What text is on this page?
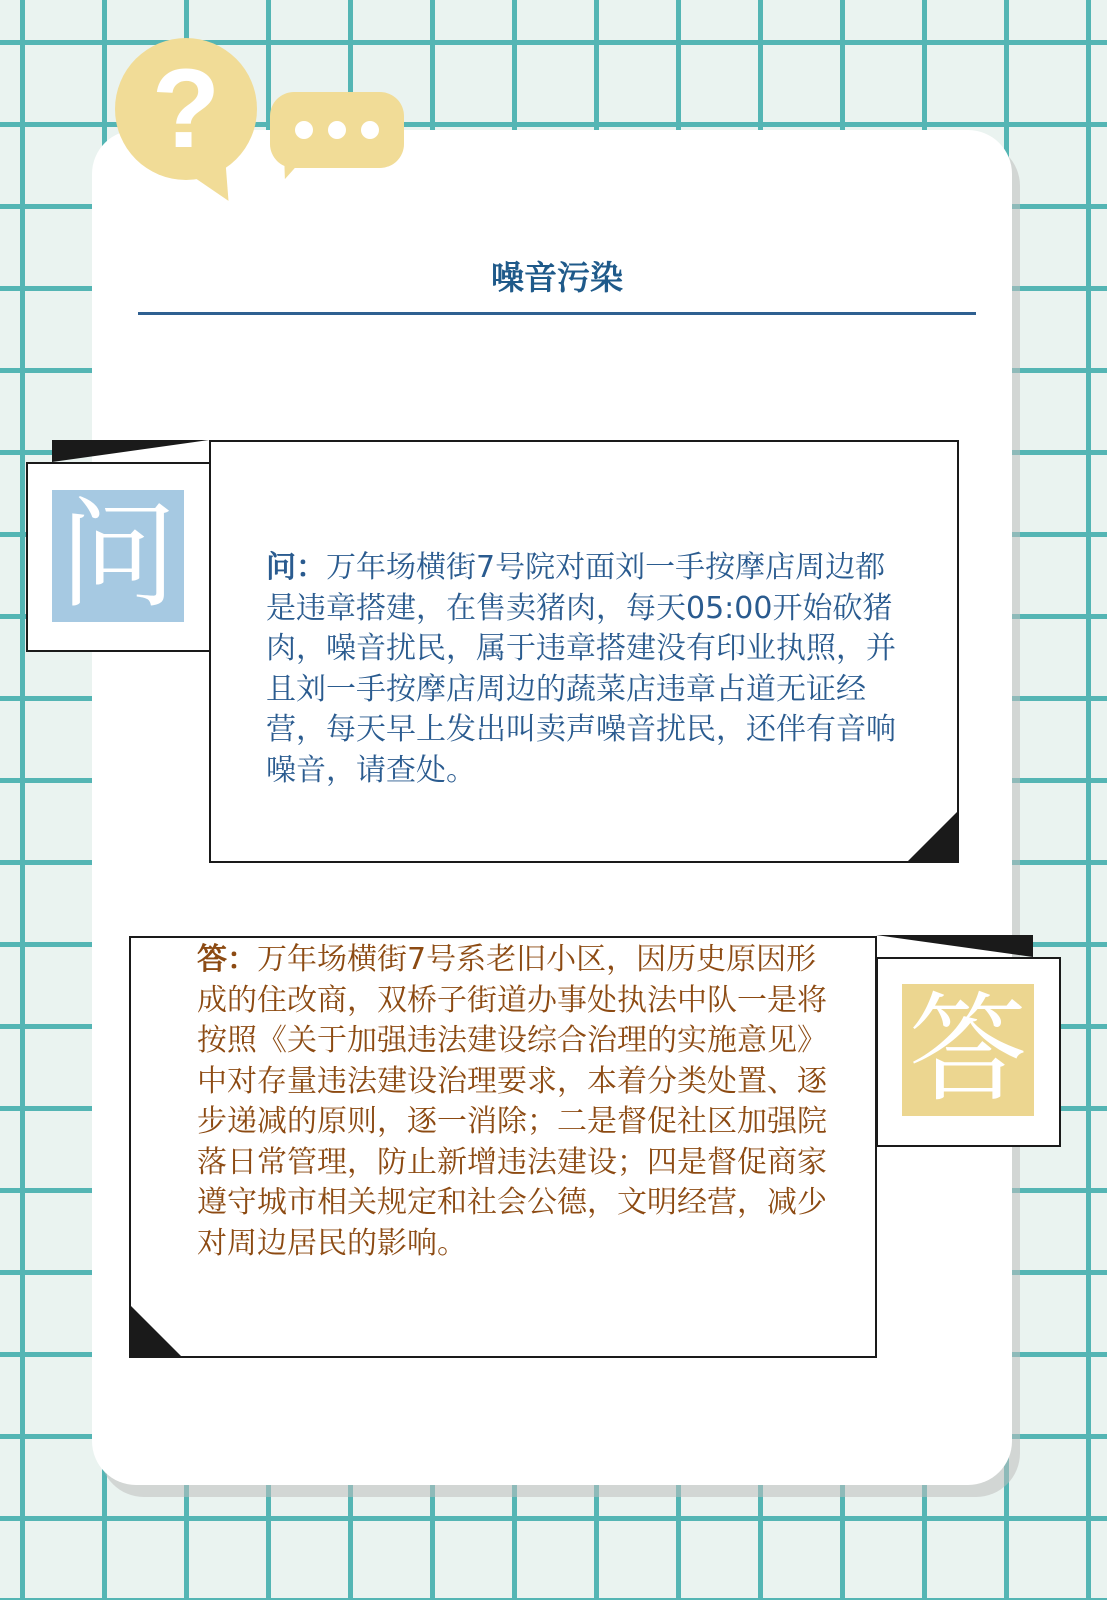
?
噪音污染
问	问：万年场横街7号院对面刘一手按摩店周边都是违章搭建，在售卖猪肉，每天05:00开始砍猪肉，噪音扰民，属于违章搭建没有印业执照，并且刘一手按摩店周边的蔬菜店违章占道无证经营，每天早上发出叫卖声噪音扰民，还伴有音响噪音，请查处。
答
答：万年场横街7号系老旧小区，因历史原因形成的住改商，双桥子街道办事处执法中队一是将按照《关于加强违法建设综合治理的实施意见》中对存量违法建设治理要求，本着分类处置、逐步递减的原则，逐一消除；二是督促社区加强院落日常管理，防止新增违法建设；四是督促商家遵守城市相关规定和社会公德，文明经营，减少对周边居民的影响。
